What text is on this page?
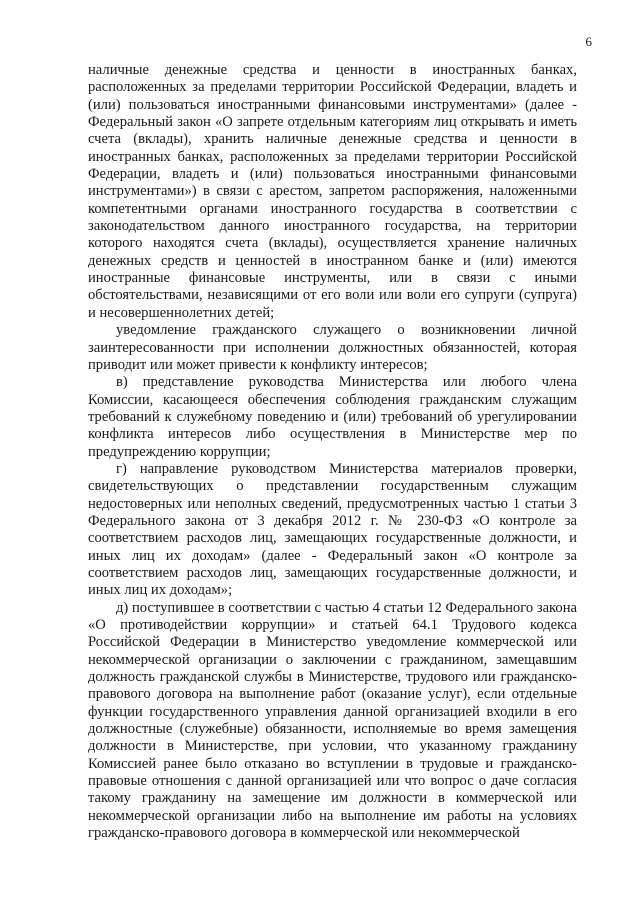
6

наличные денежные средства и ценности в иностранных банках, расположенных за пределами территории Российской Федерации, владеть и (или) пользоваться иностранными финансовыми инструментами» (далее - Федеральный закон «О запрете отдельным категориям лиц открывать и иметь счета (вклады), хранить наличные денежные средства и ценности в иностранных банках, расположенных за пределами территории Российской Федерации, владеть и (или) пользоваться иностранными финансовыми инструментами») в связи с арестом, запретом распоряжения, наложенными компетентными органами иностранного государства в соответствии с законодательством данного иностранного государства, на территории которого находятся счета (вклады), осуществляется хранение наличных денежных средств и ценностей в иностранном банке и (или) имеются иностранные финансовые инструменты, или в связи с иными обстоятельствами, независящими от его воли или воли его супруги (супруга) и несовершеннолетних детей;

уведомление гражданского служащего о возникновении личной заинтересованности при исполнении должностных обязанностей, которая приводит или может привести к конфликту интересов;

в) представление руководства Министерства или любого члена Комиссии, касающееся обеспечения соблюдения гражданским служащим требований к служебному поведению и (или) требований об урегулировании конфликта интересов либо осуществления в Министерстве мер по предупреждению коррупции;

г) направление руководством Министерства материалов проверки, свидетельствующих о представлении государственным служащим недостоверных или неполных сведений, предусмотренных частью 1 статьи 3 Федерального закона от 3 декабря 2012 г. № 230-ФЗ «О контроле за соответствием расходов лиц, замещающих государственные должности, и иных лиц их доходам» (далее - Федеральный закон «О контроле за соответствием расходов лиц, замещающих государственные должности, и иных лиц их доходам»;

д) поступившее в соответствии с частью 4 статьи 12 Федерального закона «О противодействии коррупции» и статьей 64.1 Трудового кодекса Российской Федерации в Министерство уведомление коммерческой или некоммерческой организации о заключении с гражданином, замещавшим должность гражданской службы в Министерстве, трудового или гражданско-правового договора на выполнение работ (оказание услуг), если отдельные функции государственного управления данной организацией входили в его должностные (служебные) обязанности, исполняемые во время замещения должности в Министерстве, при условии, что указанному гражданину Комиссией ранее было отказано во вступлении в трудовые и гражданско-правовые отношения с данной организацией или что вопрос о даче согласия такому гражданину на замещение им должности в коммерческой или некоммерческой организации либо на выполнение им работы на условиях гражданско-правового договора в коммерческой или некоммерческой
